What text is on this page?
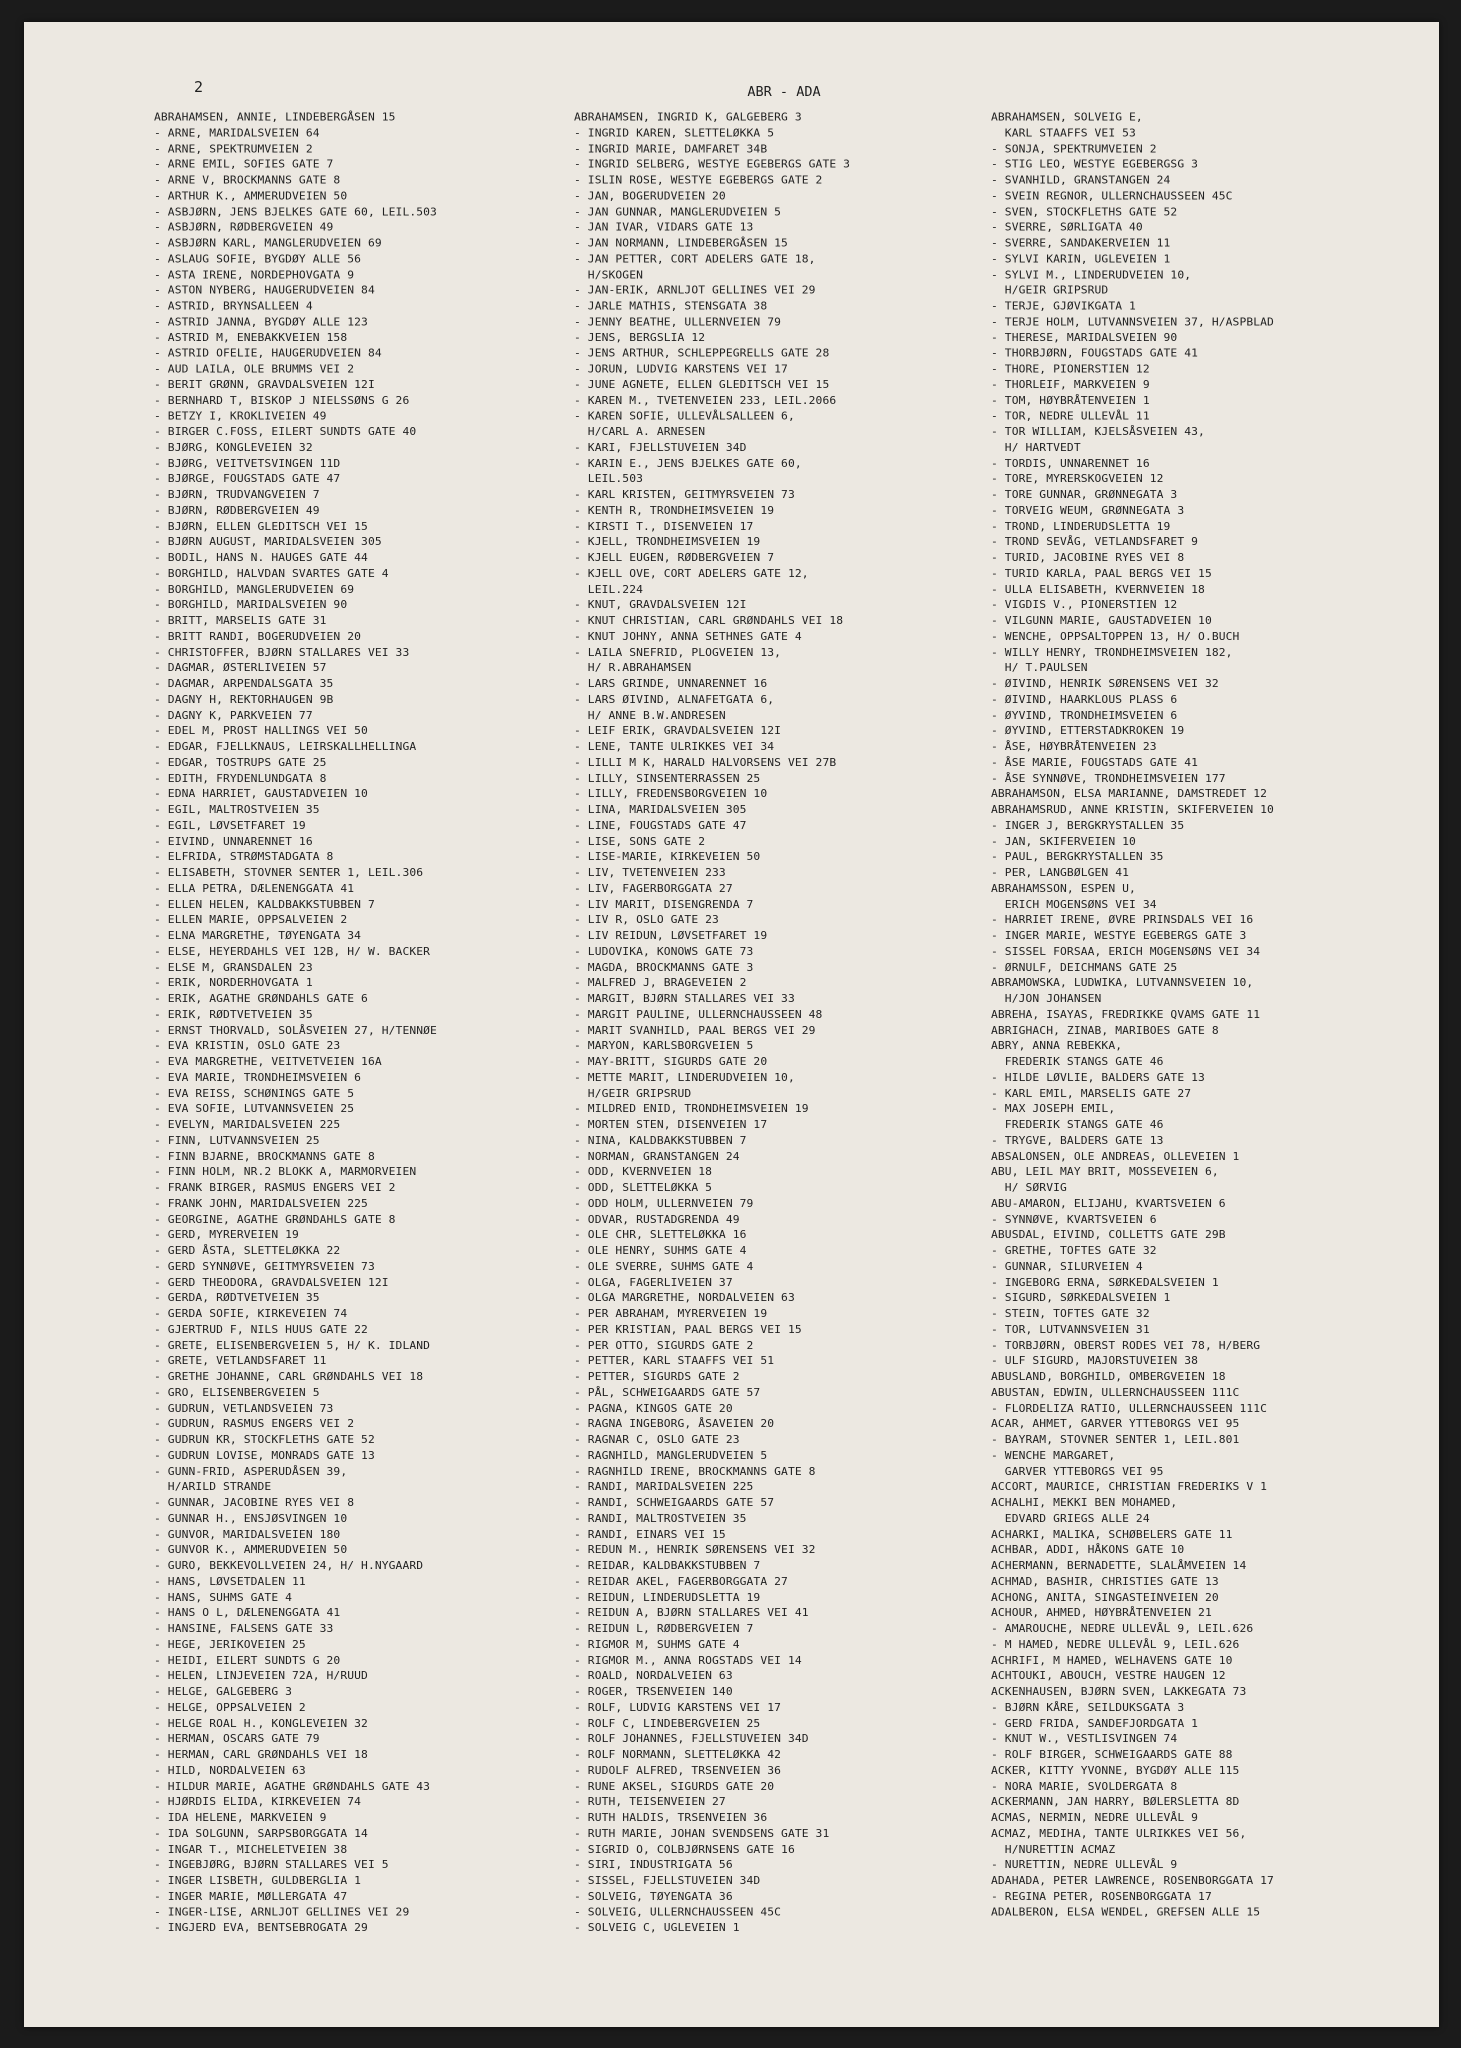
2	ABR - ADA
ABRAHAMSEN, ANNIE, LINDEBERGÅSEN 15
- ARNE, MARIDALSVEIEN 64
- ARNE, SPEKTRUMVEIEN 2
- ARNE EMIL, SOFIES GATE 7
- ARNE V, BROCKMANNS GATE 8
- ARTHUR K., AMMERUDVEIEN 50
- ASBJØRN, JENS BJELKES GATE 60, LEIL.503
- ASBJØRN, RØDBERGVEIEN 49
- ASBJØRN KARL, MANGLERUDVEIEN 69
- ASLAUG SOFIE, BYGDØY ALLE 56
- ASTA IRENE, NORDEPHOVGATA 9
- ASTON NYBERG, HAUGERUDVEIEN 84
- ASTRID, BRYNSALLEEN 4
- ASTRID JANNA, BYGDØY ALLE 123
- ASTRID M, ENEBAKKVEIEN 158
- ASTRID OFELIE, HAUGERUDVEIEN 84
- AUD LAILA, OLE BRUMMS VEI 2
- BERIT GRØNN, GRAVDALSVEIEN 12I
- BERNHARD T, BISKOP J NIELSSØNS G 26
- BETZY I, KROKLIVEIEN 49
- BIRGER C.FOSS, EILERT SUNDTS GATE 40
- BJØRG, KONGLEVEIEN 32
- BJØRG, VEITVETSVINGEN 11D
- BJØRGE, FOUGSTADS GATE 47
- BJØRN, TRUDVANGVEIEN 7
- BJØRN, RØDBERGVEIEN 49
- BJØRN, ELLEN GLEDITSCH VEI 15
- BJØRN AUGUST, MARIDALSVEIEN 305
- BODIL, HANS N. HAUGES GATE 44
- BORGHILD, HALVDAN SVARTES GATE 4
- BORGHILD, MANGLERUDVEIEN 69
- BORGHILD, MARIDALSVEIEN 90
- BRITT, MARSELIS GATE 31
- BRITT RANDI, BOGERUDVEIEN 20
- CHRISTOFFER, BJØRN STALLARES VEI 33
- DAGMAR, ØSTERLIVEIEN 57
- DAGMAR, ARPENDALSGATA 35
- DAGNY H, REKTORHAUGEN 9B
- DAGNY K, PARKVEIEN 77
- EDEL M, PROST HALLINGS VEI 50
- EDGAR, FJELLKNAUS, LEIRSKALLHELLINGA
- EDGAR, TOSTRUPS GATE 25
- EDITH, FRYDENLUNDGATA 8
- EDNA HARRIET, GAUSTADVEIEN 10
- EGIL, MALTROSTVEIEN 35
- EGIL, LØVSETFARET 19
- EIVIND, UNNARENNET 16
- ELFRIDA, STRØMSTADGATA 8
- ELISABETH, STOVNER SENTER 1, LEIL.306
- ELLA PETRA, DÆLENENGGATA 41
- ELLEN HELEN, KALDBAKKSTUBBEN 7
- ELLEN MARIE, OPPSALVEIEN 2
- ELNA MARGRETHE, TØYENGATA 34
- ELSE, HEYERDAHLS VEI 12B, H/ W. BACKER
- ELSE M, GRANSDALEN 23
- ERIK, NORDERHOVGATA 1
- ERIK, AGATHE GRØNDAHLS GATE 6
- ERIK, RØDTVETVEIEN 35
- ERNST THORVALD, SOLÅSVEIEN 27, H/TENNØE
- EVA KRISTIN, OSLO GATE 23
- EVA MARGRETHE, VEITVETVEIEN 16A
- EVA MARIE, TRONDHEIMSVEIEN 6
- EVA REISS, SCHØNINGS GATE 5
- EVA SOFIE, LUTVANNSVEIEN 25
- EVELYN, MARIDALSVEIEN 225
- FINN, LUTVANNSVEIEN 25
- FINN BJARNE, BROCKMANNS GATE 8
- FINN HOLM, NR.2 BLOKK A, MARMORVEIEN
- FRANK BIRGER, RASMUS ENGERS VEI 2
- FRANK JOHN, MARIDALSVEIEN 225
- GEORGINE, AGATHE GRØNDAHLS GATE 8
- GERD, MYRERVEIEN 19
- GERD ÅSTA, SLETTELØKKA 22
- GERD SYNNØVE, GEITMYRSVEIEN 73
- GERD THEODORA, GRAVDALSVEIEN 12I
- GERDA, RØDTVETVEIEN 35
- GERDA SOFIE, KIRKEVEIEN 74
- GJERTRUD F, NILS HUUS GATE 22
- GRETE, ELISENBERGVEIEN 5, H/ K. IDLAND
- GRETE, VETLANDSFARET 11
- GRETHE JOHANNE, CARL GRØNDAHLS VEI 18
- GRO, ELISENBERGVEIEN 5
- GUDRUN, VETLANDSVEIEN 73
- GUDRUN, RASMUS ENGERS VEI 2
- GUDRUN KR, STOCKFLETHS GATE 52
- GUDRUN LOVISE, MONRADS GATE 13
- GUNN-FRID, ASPERUDÅSEN 39,
H/ARILD STRANDE
- GUNNAR, JACOBINE RYES VEI 8
- GUNNAR H., ENSJØSVINGEN 10
- GUNVOR, MARIDALSVEIEN 180
- GUNVOR K., AMMERUDVEIEN 50
- GURO, BEKKEVOLLVEIEN 24, H/ H.NYGAARD
- HANS, LØVSETDALEN 11
- HANS, SUHMS GATE 4
- HANS O L, DÆLENENGGATA 41
- HANSINE, FALSENS GATE 33
- HEGE, JERIKOVEIEN 25
- HEIDI, EILERT SUNDTS G 20
- HELEN, LINJEVEIEN 72A, H/RUUD
- HELGE, GALGEBERG 3
- HELGE, OPPSALVEIEN 2
- HELGE ROAL H., KONGLEVEIEN 32
- HERMAN, OSCARS GATE 79
- HERMAN, CARL GRØNDAHLS VEI 18
- HILD, NORDALVEIEN 63
- HILDUR MARIE, AGATHE GRØNDAHLS GATE 43
- HJØRDIS ELIDA, KIRKEVEIEN 74
- IDA HELENE, MARKVEIEN 9
- IDA SOLGUNN, SARPSBORGGATA 14
- INGAR T., MICHELETVEIEN 38
- INGEBJØRG, BJØRN STALLARES VEI 5
- INGER LISBETH, GULDBERGLIA 1
- INGER MARIE, MØLLERGATA 47
- INGER-LISE, ARNLJOT GELLINES VEI 29
- INGJERD EVA, BENTSEBROGATA 29
ABRAHAMSEN, INGRID K, GALGEBERG 3
- INGRID KAREN, SLETTELØKKA 5
- INGRID MARIE, DAMFARET 34B
- INGRID SELBERG, WESTYE EGEBERGS GATE 3
- ISLIN ROSE, WESTYE EGEBERGS GATE 2
- JAN, BOGERUDVEIEN 20
- JAN GUNNAR, MANGLERUDVEIEN 5
- JAN IVAR, VIDARS GATE 13
- JAN NORMANN, LINDEBERGÅSEN 15
- JAN PETTER, CORT ADELERS GATE 18,
H/SKOGEN
- JAN-ERIK, ARNLJOT GELLINES VEI 29
- JARLE MATHIS, STENSGATA 38
- JENNY BEATHE, ULLERNVEIEN 79
- JENS, BERGSLIA 12
- JENS ARTHUR, SCHLEPPEGRELLS GATE 28
- JORUN, LUDVIG KARSTENS VEI 17
- JUNE AGNETE, ELLEN GLEDITSCH VEI 15
- KAREN M., TVETENVEIEN 233, LEIL.2066
- KAREN SOFIE, ULLEVÅLSALLEEN 6,
H/CARL A. ARNESEN
- KARI, FJELLSTUVEIEN 34D
- KARIN E., JENS BJELKES GATE 60,
LEIL.503
- KARL KRISTEN, GEITMYRSVEIEN 73
- KENTH R, TRONDHEIMSVEIEN 19
- KIRSTI T., DISENVEIEN 17
- KJELL, TRONDHEIMSVEIEN 19
- KJELL EUGEN, RØDBERGVEIEN 7
- KJELL OVE, CORT ADELERS GATE 12,
LEIL.224
- KNUT, GRAVDALSVEIEN 12I
- KNUT CHRISTIAN, CARL GRØNDAHLS VEI 18
- KNUT JOHNY, ANNA SETHNES GATE 4
- LAILA SNEFRID, PLOGVEIEN 13,
H/ R.ABRAHAMSEN
- LARS GRINDE, UNNARENNET 16
- LARS ØIVIND, ALNAFETGATA 6,
H/ ANNE B.W.ANDRESEN
- LEIF ERIK, GRAVDALSVEIEN 12I
- LENE, TANTE ULRIKKES VEI 34
- LILLI M K, HARALD HALVORSENS VEI 27B
- LILLY, SINSENTERRASSEN 25
- LILLY, FREDENSBORGVEIEN 10
- LINA, MARIDALSVEIEN 305
- LINE, FOUGSTADS GATE 47
- LISE, SONS GATE 2
- LISE-MARIE, KIRKEVEIEN 50
- LIV, TVETENVEIEN 233
- LIV, FAGERBORGGATA 27
- LIV MARIT, DISENGRENDA 7
- LIV R, OSLO GATE 23
- LIV REIDUN, LØVSETFARET 19
- LUDOVIKA, KONOWS GATE 73
- MAGDA, BROCKMANNS GATE 3
- MALFRED J, BRAGEVEIEN 2
- MARGIT, BJØRN STALLARES VEI 33
- MARGIT PAULINE, ULLERNCHAUSSEEN 48
- MARIT SVANHILD, PAAL BERGS VEI 29
- MARYON, KARLSBORGVEIEN 5
- MAY-BRITT, SIGURDS GATE 20
- METTE MARIT, LINDERUDVEIEN 10,
H/GEIR GRIPSRUD
- MILDRED ENID, TRONDHEIMSVEIEN 19
- MORTEN STEN, DISENVEIEN 17
- NINA, KALDBAKKSTUBBEN 7
- NORMAN, GRANSTANGEN 24
- ODD, KVERNVEIEN 18
- ODD, SLETTELØKKA 5
- ODD HOLM, ULLERNVEIEN 79
- ODVAR, RUSTADGRENDA 49
- OLE CHR, SLETTELØKKA 16
- OLE HENRY, SUHMS GATE 4
- OLE SVERRE, SUHMS GATE 4
- OLGA, FAGERLIVEIEN 37
- OLGA MARGRETHE, NORDALVEIEN 63
- PER ABRAHAM, MYRERVEIEN 19
- PER KRISTIAN, PAAL BERGS VEI 15
- PER OTTO, SIGURDS GATE 2
- PETTER, KARL STAAFFS VEI 51
- PETTER, SIGURDS GATE 2
- PÅL, SCHWEIGAARDS GATE 57
- PAGNA, KINGOS GATE 20
- RAGNA INGEBORG, ÅSAVEIEN 20
- RAGNAR C, OSLO GATE 23
- RAGNHILD, MANGLERUDVEIEN 5
- RAGNHILD IRENE, BROCKMANNS GATE 8
- RANDI, MARIDALSVEIEN 225
- RANDI, SCHWEIGAARDS GATE 57
- RANDI, MALTROSTVEIEN 35
- RANDI, EINARS VEI 15
- REDUN M., HENRIK SØRENSENS VEI 32
- REIDAR, KALDBAKKSTUBBEN 7
- REIDAR AKEL, FAGERBORGGATA 27
- REIDUN, LINDERUDSLETTA 19
- REIDUN A, BJØRN STALLARES VEI 41
- REIDUN L, RØDBERGVEIEN 7
- RIGMOR M, SUHMS GATE 4
- RIGMOR M., ANNA ROGSTADS VEI 14
- ROALD, NORDALVEIEN 63
- ROGER, TRSENVEIEN 140
- ROLF, LUDVIG KARSTENS VEI 17
- ROLF C, LINDEBERGVEIEN 25
- ROLF JOHANNES, FJELLSTUVEIEN 34D
- ROLF NORMANN, SLETTELØKKA 42
- RUDOLF ALFRED, TRSENVEIEN 36
- RUNE AKSEL, SIGURDS GATE 20
- RUTH, TEISENVEIEN 27
- RUTH HALDIS, TRSENVEIEN 36
- RUTH MARIE, JOHAN SVENDSENS GATE 31
- SIGRID O, COLBJØRNSENS GATE 16
- SIRI, INDUSTRIGATA 56
- SISSEL, FJELLSTUVEIEN 34D
- SOLVEIG, TØYENGATA 36
- SOLVEIG, ULLERNCHAUSSEEN 45C
- SOLVEIG C, UGLEVEIEN 1
ABRAHAMSEN, SOLVEIG E,
KARL STAAFFS VEI 53
- SONJA, SPEKTRUMVEIEN 2
- STIG LEO, WESTYE EGEBERGSG 3
- SVANHILD, GRANSTANGEN 24
- SVEIN REGNOR, ULLERNCHAUSSEEN 45C
- SVEN, STOCKFLETHS GATE 52
- SVERRE, SØRLIGATA 40
- SVERRE, SANDAKERVEIEN 11
- SYLVI KARIN, UGLEVEIEN 1
- SYLVI M., LINDERUDVEIEN 10,
H/GEIR GRIPSRUD
- TERJE, GJØVIKGATA 1
- TERJE HOLM, LUTVANNSVEIEN 37, H/ASPBLAD
- THERESE, MARIDALSVEIEN 90
- THORBJØRN, FOUGSTADS GATE 41
- THORE, PIONERSTIEN 12
- THORLEIF, MARKVEIEN 9
- TOM, HØYBRÅTENVEIEN 1
- TOR, NEDRE ULLEVÅL 11
- TOR WILLIAM, KJELSÅSVEIEN 43,
H/ HARTVEDT
- TORDIS, UNNARENNET 16
- TORE, MYRERSKOGVEIEN 12
- TORE GUNNAR, GRØNNEGATA 3
- TORVEIG WEUM, GRØNNEGATA 3
- TROND, LINDERUDSLETTA 19
- TROND SEVÅG, VETLANDSFARET 9
- TURID, JACOBINE RYES VEI 8
- TURID KARLA, PAAL BERGS VEI 15
- ULLA ELISABETH, KVERNVEIEN 18
- VIGDIS V., PIONERSTIEN 12
- VILGUNN MARIE, GAUSTADVEIEN 10
- WENCHE, OPPSALTOPPEN 13, H/ O.BUCH
- WILLY HENRY, TRONDHEIMSVEIEN 182,
H/ T.PAULSEN
- ØIVIND, HENRIK SØRENSENS VEI 32
- ØIVIND, HAARKLOUS PLASS 6
- ØYVIND, TRONDHEIMSVEIEN 6
- ØYVIND, ETTERSTADKROKEN 19
- ÅSE, HØYBRÅTENVEIEN 23
- ÅSE MARIE, FOUGSTADS GATE 41
- ÅSE SYNNØVE, TRONDHEIMSVEIEN 177
ABRAHAMSON, ELSA MARIANNE, DAMSTREDET 12
ABRAHAMSRUD, ANNE KRISTIN, SKIFERVEIEN 10
- INGER J, BERGKRYSTALLEN 35
- JAN, SKIFERVEIEN 10
- PAUL, BERGKRYSTALLEN 35
- PER, LANGBØLGEN 41
ABRAHAMSSON, ESPEN U,
ERICH MOGENSØNS VEI 34
- HARRIET IRENE, ØVRE PRINSDALS VEI 16
- INGER MARIE, WESTYE EGEBERGS GATE 3
- SISSEL FORSAA, ERICH MOGENSØNS VEI 34
- ØRNULF, DEICHMANS GATE 25
ABRAMOWSKA, LUDWIKA, LUTVANNSVEIEN 10,
H/JON JOHANSEN
ABREHA, ISAYAS, FREDRIKKE QVAMS GATE 11
ABRIGHACH, ZINAB, MARIBOES GATE 8
ABRY, ANNA REBEKKA,
FREDERIK STANGS GATE 46
- HILDE LØVLIE, BALDERS GATE 13
- KARL EMIL, MARSELIS GATE 27
- MAX JOSEPH EMIL,
FREDERIK STANGS GATE 46
- TRYGVE, BALDERS GATE 13
ABSALONSEN, OLE ANDREAS, OLLEVEIEN 1
ABU, LEIL MAY BRIT, MOSSEVEIEN 6,
H/ SØRVIG
ABU-AMARON, ELIJAHU, KVARTSVEIEN 6
- SYNNØVE, KVARTSVEIEN 6
ABUSDAL, EIVIND, COLLETTS GATE 29B
- GRETHE, TOFTES GATE 32
- GUNNAR, SILURVEIEN 4
- INGEBORG ERNA, SØRKEDALSVEIEN 1
- SIGURD, SØRKEDALSVEIEN 1
- STEIN, TOFTES GATE 32
- TOR, LUTVANNSVEIEN 31
- TORBJØRN, OBERST RODES VEI 78, H/BERG
- ULF SIGURD, MAJORSTUVEIEN 38
ABUSLAND, BORGHILD, OMBERGVEIEN 18
ABUSTAN, EDWIN, ULLERNCHAUSSEEN 111C
- FLORDELIZA RATIO, ULLERNCHAUSSEEN 111C
ACAR, AHMET, GARVER YTTEBORGS VEI 95
- BAYRAM, STOVNER SENTER 1, LEIL.801
- WENCHE MARGARET,
GARVER YTTEBORGS VEI 95
ACCORT, MAURICE, CHRISTIAN FREDERIKS V 1
ACHALHI, MEKKI BEN MOHAMED,
EDVARD GRIEGS ALLE 24
ACHARKI, MALIKA, SCHØBELERS GATE 11
ACHBAR, ADDI, HÅKONS GATE 10
ACHERMANN, BERNADETTE, SLALÅMVEIEN 14
ACHMAD, BASHIR, CHRISTIES GATE 13
ACHONG, ANITA, SINGASTEINVEIEN 20
ACHOUR, AHMED, HØYBRÅTENVEIEN 21
- AMAROUCHE, NEDRE ULLEVÅL 9, LEIL.626
- M HAMED, NEDRE ULLEVÅL 9, LEIL.626
ACHRIFI, M HAMED, WELHAVENS GATE 10
ACHTOUKI, ABOUCH, VESTRE HAUGEN 12
ACKENHAUSEN, BJØRN SVEN, LAKKEGATA 73
- BJØRN KÅRE, SEILDUKSGATA 3
- GERD FRIDA, SANDEFJORDGATA 1
- KNUT W., VESTLISVINGEN 74
- ROLF BIRGER, SCHWEIGAARDS GATE 88
ACKER, KITTY YVONNE, BYGDØY ALLE 115
- NORA MARIE, SVOLDERGATA 8
ACKERMANN, JAN HARRY, BØLERSLETTA 8D
ACMAS, NERMIN, NEDRE ULLEVÅL 9
ACMAZ, MEDIHA, TANTE ULRIKKES VEI 56,
H/NURETTIN ACMAZ
- NURETTIN, NEDRE ULLEVÅL 9
ADAHADA, PETER LAWRENCE, ROSENBORGGATA 17
- REGINA PETER, ROSENBORGGATA 17
ADALBERON, ELSA WENDEL, GREFSEN ALLE 15
